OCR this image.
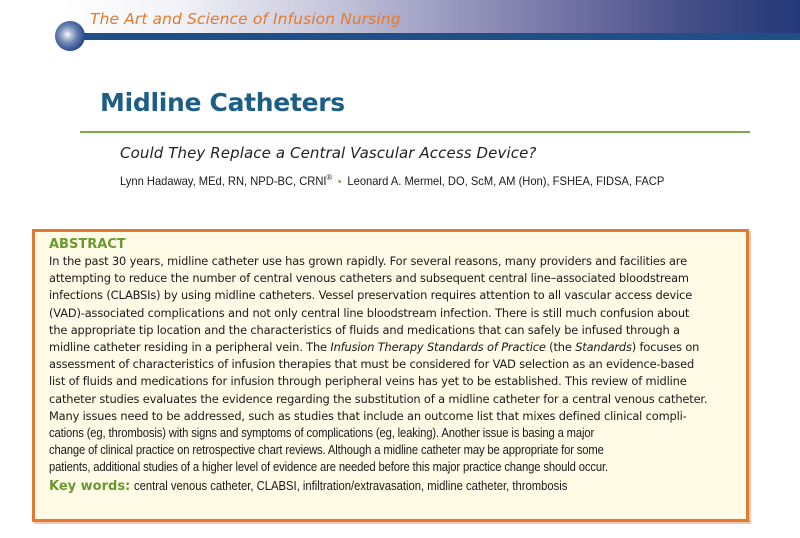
The Art and Science of Infusion Nursing
Midline Catheters
Could They Replace a Central Vascular Access Device?
Lynn Hadaway, MEd, RN, NPD-BC, CRNI® • Leonard A. Mermel, DO, ScM, AM (Hon), FSHEA, FIDSA, FACP
ABSTRACT
In the past 30 years, midline catheter use has grown rapidly. For several reasons, many providers and facilities are
attempting to reduce the number of central venous catheters and subsequent central line–associated bloodstream
infections (CLABSIs) by using midline catheters. Vessel preservation requires attention to all vascular access device
(VAD)-associated complications and not only central line bloodstream infection. There is still much confusion about
the appropriate tip location and the characteristics of fluids and medications that can safely be infused through a
midline catheter residing in a peripheral vein. The Infusion Therapy Standards of Practice (the Standards) focuses on
assessment of characteristics of infusion therapies that must be considered for VAD selection as an evidence-based
list of fluids and medications for infusion through peripheral veins has yet to be established. This review of midline
catheter studies evaluates the evidence regarding the substitution of a midline catheter for a central venous catheter.
Many issues need to be addressed, such as studies that include an outcome list that mixes defined clinical compli-
cations (eg, thrombosis) with signs and symptoms of complications (eg, leaking). Another issue is basing a major
change of clinical practice on retrospective chart reviews. Although a midline catheter may be appropriate for some
patients, additional studies of a higher level of evidence are needed before this major practice change should occur.
Key words: central venous catheter, CLABSI, infiltration/extravasation, midline catheter, thrombosis
